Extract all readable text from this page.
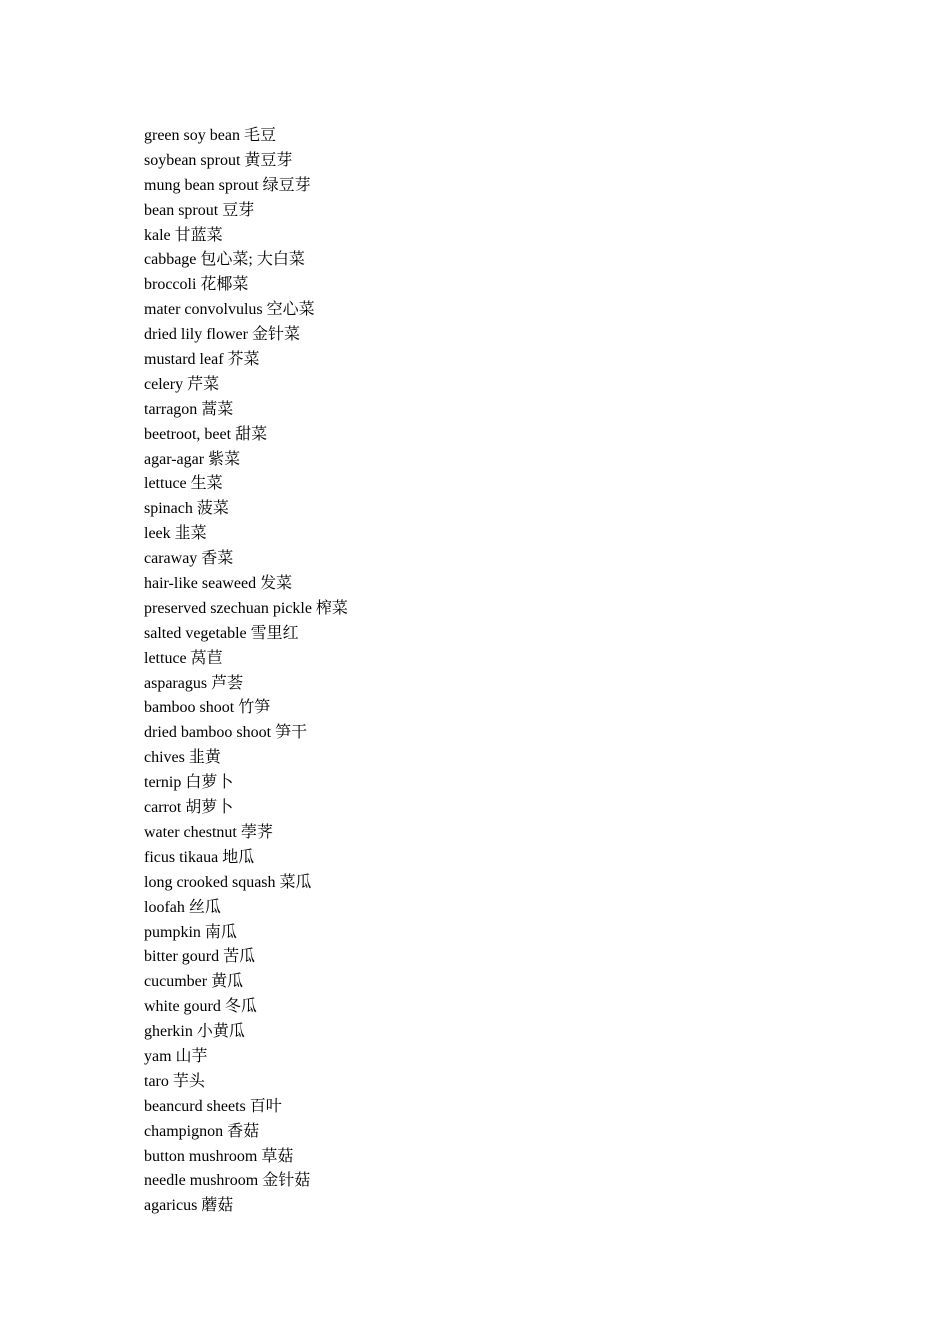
green soy bean 毛豆
soybean sprout 黄豆芽
mung bean sprout 绿豆芽
bean sprout 豆芽
kale 甘蓝菜
cabbage 包心菜; 大白菜
broccoli 花椰菜
mater convolvulus 空心菜
dried lily flower 金针菜
mustard leaf 芥菜
celery 芹菜
tarragon 蒿菜
beetroot, beet 甜菜
agar-agar 紫菜
lettuce 生菜
spinach 菠菜
leek 韭菜
caraway 香菜
hair-like seaweed 发菜
preserved szechuan pickle 榨菜
salted vegetable 雪里红
lettuce 莴苣
asparagus 芦荟
bamboo shoot 竹笋
dried bamboo shoot 笋干
chives 韭黄
ternip 白萝卜
carrot 胡萝卜
water chestnut 荸荠
ficus tikaua 地瓜
long crooked squash 菜瓜
loofah 丝瓜
pumpkin 南瓜
bitter gourd 苦瓜
cucumber 黄瓜
white gourd 冬瓜
gherkin 小黄瓜
yam 山芋
taro 芋头
beancurd sheets 百叶
champignon 香菇
button mushroom 草菇
needle mushroom 金针菇
agaricus 蘑菇
